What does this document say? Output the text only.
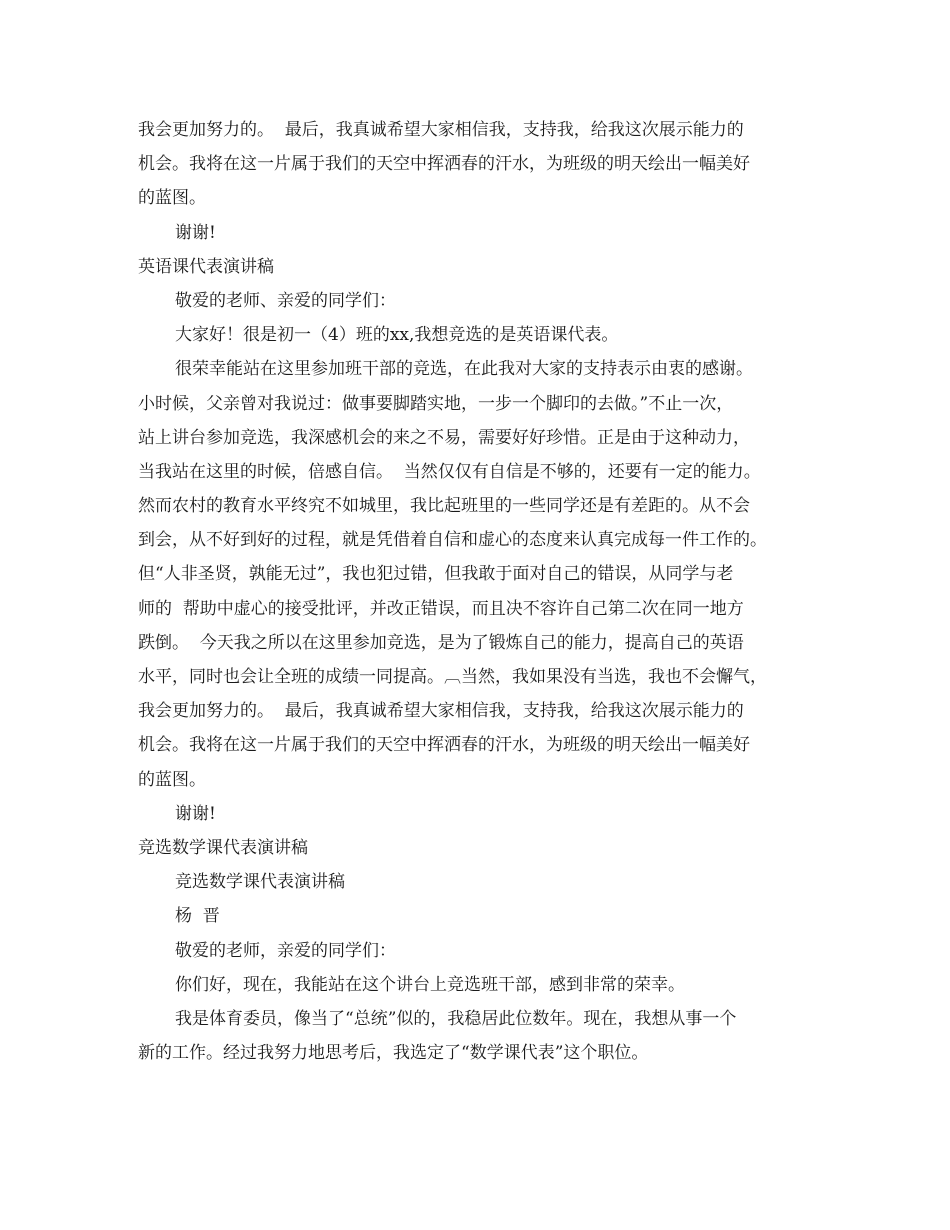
我会更加努力的。  最后，我真诚希望大家相信我，支持我，给我这次展示能力的
机会。我将在这一片属于我们的天空中挥洒春的汗水，为班级的明天绘出一幅美好
的蓝图。
谢谢!
英语课代表演讲稿
敬爱的老师、亲爱的同学们：
大家好！很是初一（4）班的xx,我想竞选的是英语课代表。
很荣幸能站在这里参加班干部的竞选，在此我对大家的支持表示由衷的感谢。
小时候，父亲曾对我说过：做事要脚踏实地，一步一个脚印的去做。”不止一次，
站上讲台参加竞选，我深感机会的来之不易，需要好好珍惜。正是由于这种动力，
当我站在这里的时候，倍感自信。  当然仅仅有自信是不够的，还要有一定的能力。
然而农村的教育水平终究不如城里，我比起班里的一些同学还是有差距的。从不会
到会，从不好到好的过程，就是凭借着自信和虚心的态度来认真完成每一件工作的。
但“人非圣贤，孰能无过”，我也犯过错，但我敢于面对自己的错误，从同学与老
师的  帮助中虚心的接受批评，并改正错误，而且决不容许自己第二次在同一地方
跌倒。  今天我之所以在这里参加竞选，是为了锻炼自己的能力，提高自己的英语
水平，同时也会让全班的成绩一同提高。︹当然，我如果没有当选，我也不会懈气，
我会更加努力的。  最后，我真诚希望大家相信我，支持我，给我这次展示能力的
机会。我将在这一片属于我们的天空中挥洒春的汗水，为班级的明天绘出一幅美好
的蓝图。
谢谢!
竞选数学课代表演讲稿
竞选数学课代表演讲稿
杨  晋
敬爱的老师，亲爱的同学们：
你们好，现在，我能站在这个讲台上竞选班干部，感到非常的荣幸。
我是体育委员，像当了“总统”似的，我稳居此位数年。现在，我想从事一个
新的工作。经过我努力地思考后，我选定了“数学课代表”这个职位。
